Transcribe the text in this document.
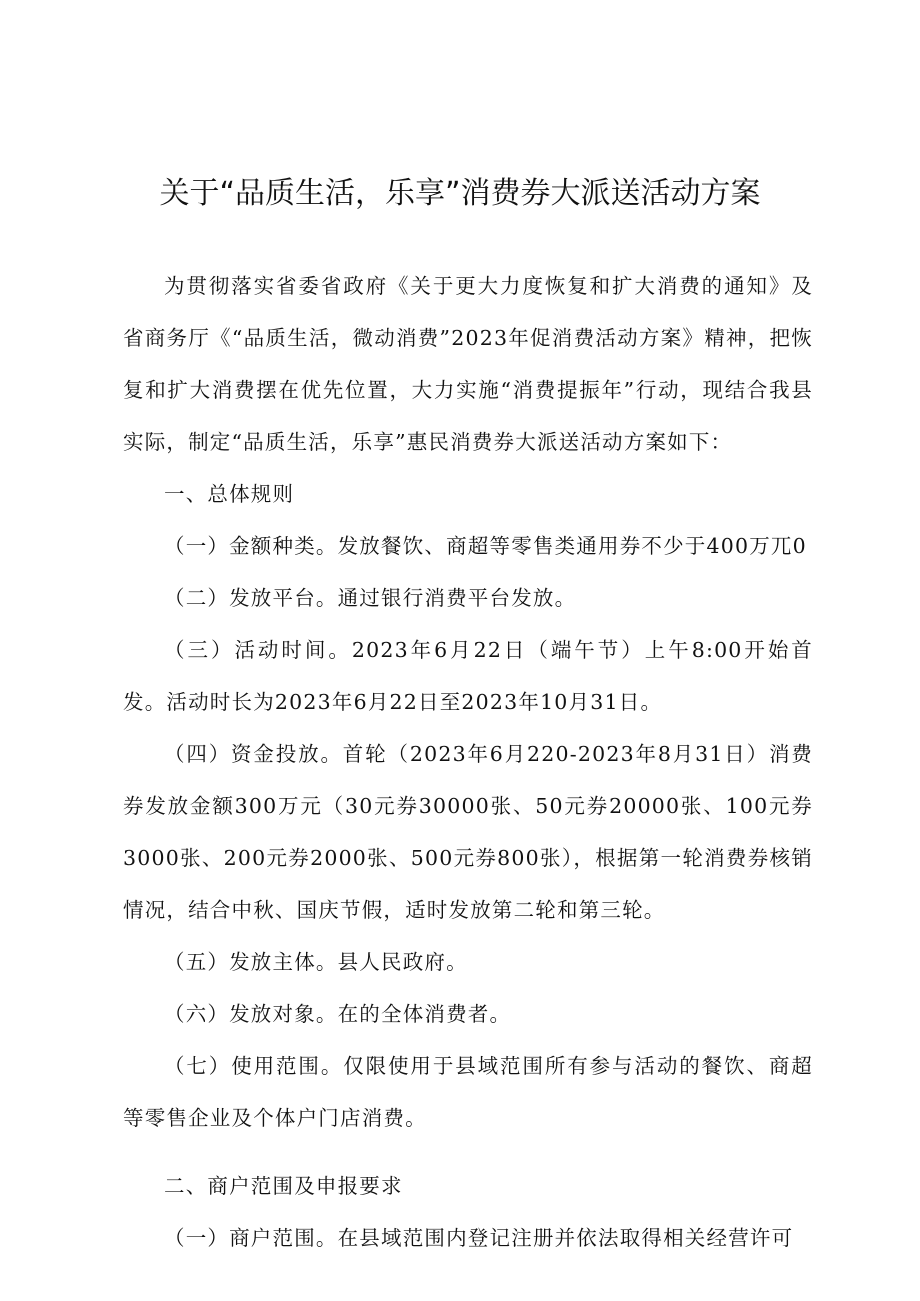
关于“品质生活，乐享”消费券大派送活动方案

为贯彻落实省委省政府《关于更大力度恢复和扩大消费的通知》及省商务厅《“品质生活，微动消费”2023年促消费活动方案》精神，把恢复和扩大消费摆在优先位置，大力实施“消费提振年”行动，现结合我县实际，制定“品质生活，乐享”惠民消费券大派送活动方案如下：

一、总体规则

（一）金额种类。发放餐饮、商超等零售类通用券不少于400万兀0

（二）发放平台。通过银行消费平台发放。

（三）活动时间。2023年6月22日（端午节）上午8:00开始首发。活动时长为2023年6月22日至2023年10月31日。

（四）资金投放。首轮（2023年6月220-2023年8月31日）消费券发放金额300万元（30元券30000张、50元券20000张、100元券3000张、200元券2000张、500元券800张），根据第一轮消费券核销情况，结合中秋、国庆节假，适时发放第二轮和第三轮。

（五）发放主体。县人民政府。

（六）发放对象。在的全体消费者。

（七）使用范围。仅限使用于县域范围所有参与活动的餐饮、商超等零售企业及个体户门店消费。

二、商户范围及申报要求

（一）商户范围。在县域范围内登记注册并依法取得相关经营许可
